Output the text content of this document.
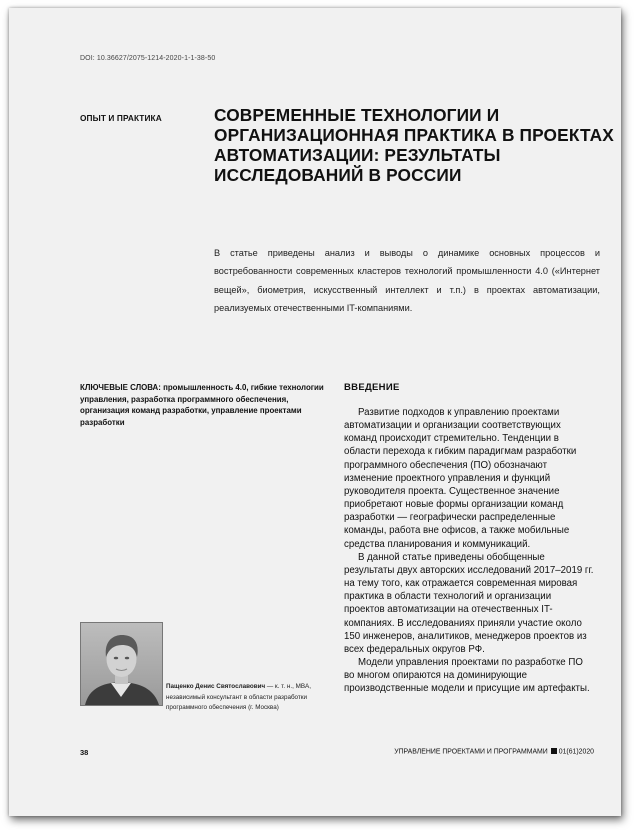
DOI: 10.36627/2075-1214-2020-1-1-38-50
ОПЫТ И ПРАКТИКА	СОВРЕМЕННЫЕ ТЕХНОЛОГИИ И ОРГАНИЗАЦИОННАЯ ПРАКТИКА В ПРОЕКТАХ АВТОМАТИЗАЦИИ: РЕЗУЛЬТАТЫ ИССЛЕДОВАНИЙ В РОССИИ

В статье приведены анализ и выводы о динамике основных процессов и востребованности современных кластеров технологий промышленности 4.0 («Интернет вещей», биометрия, искусственный интеллект и т.п.) в проектах автоматизации, реализуемых отечественными IT-компаниями.

КЛЮЧЕВЫЕ СЛОВА: промышленность 4.0, гибкие технологии управления, разработка программного обеспечения, организация команд разработки, управление проектами разработки

ВВЕДЕНИЕ

Развитие подходов к управлению проектами автоматизации и организации соответствующих команд происходит стремительно. Тенденции в области перехода к гибким парадигмам разработки программного обеспечения (ПО) обозначают изменение проектного управления и функций руководителя проекта. Существенное значение приобретают новые формы организации команд разработки — географически распределенные команды, работа вне офисов, а также мобильные средства планирования и коммуникаций.

В данной статье приведены обобщенные результаты двух авторских исследований 2017–2019 гг. на тему того, как отражается современная мировая практика в области технологий и организации проектов автоматизации на отечественных IT-компаниях. В исследованиях приняли участие около 150 инженеров, аналитиков, менеджеров проектов из всех федеральных округов РФ.

Модели управления проектами по разработке ПО во многом опираются на доминирующие производственные модели и присущие им артефакты.

Пащенко Денис Святославович — к. т. н., MBA, независимый консультант в области разработки программного обеспечения (г. Москва)

38	УПРАВЛЕНИЕ ПРОЕКТАМИ И ПРОГРАММАМИ 01(61)2020
